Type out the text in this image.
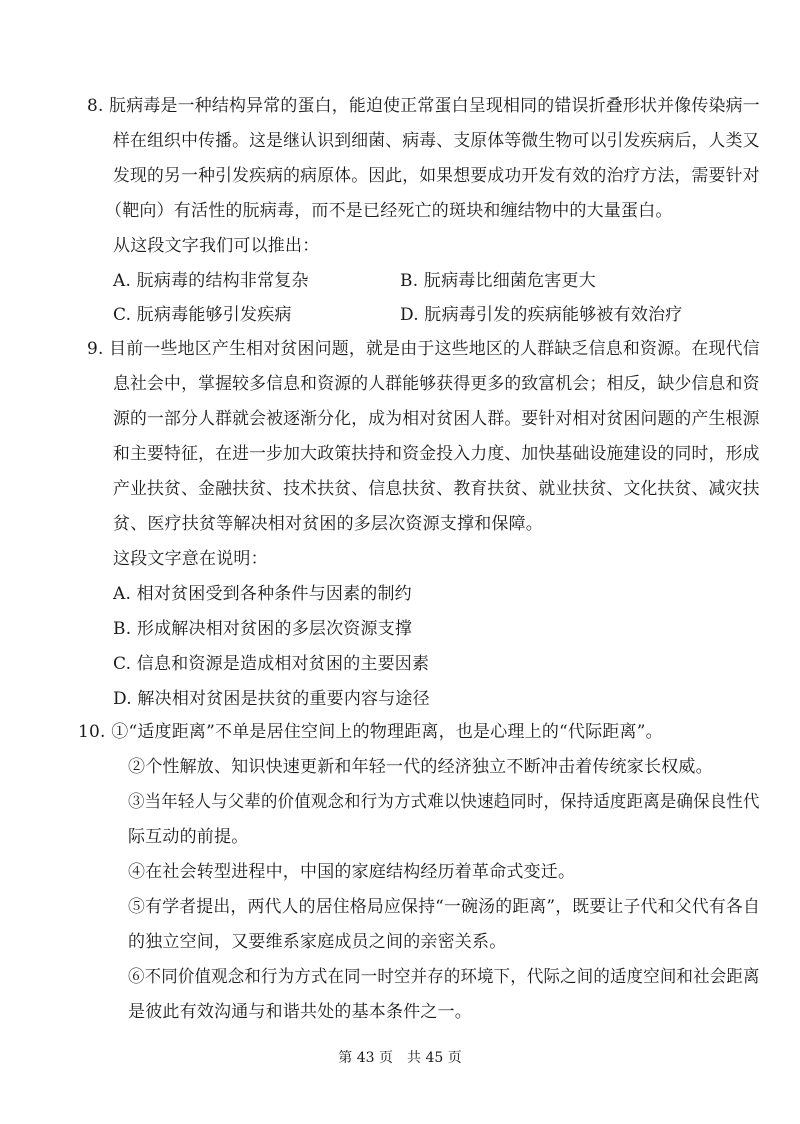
8. 朊病毒是一种结构异常的蛋白，能迫使正常蛋白呈现相同的错误折叠形状并像传染病一
样在组织中传播。这是继认识到细菌、病毒、支原体等微生物可以引发疾病后，人类又
发现的另一种引发疾病的病原体。因此，如果想要成功开发有效的治疗方法，需要针对
（靶向）有活性的朊病毒，而不是已经死亡的斑块和缠结物中的大量蛋白。
从这段文字我们可以推出：
A. 朊病毒的结构非常复杂	B. 朊病毒比细菌危害更大
C. 朊病毒能够引发疾病	D. 朊病毒引发的疾病能够被有效治疗
9. 目前一些地区产生相对贫困问题，就是由于这些地区的人群缺乏信息和资源。在现代信
息社会中，掌握较多信息和资源的人群能够获得更多的致富机会；相反，缺少信息和资
源的一部分人群就会被逐渐分化，成为相对贫困人群。要针对相对贫困问题的产生根源
和主要特征，在进一步加大政策扶持和资金投入力度、加快基础设施建设的同时，形成
产业扶贫、金融扶贫、技术扶贫、信息扶贫、教育扶贫、就业扶贫、文化扶贫、减灾扶
贫、医疗扶贫等解决相对贫困的多层次资源支撑和保障。
这段文字意在说明：
A. 相对贫困受到各种条件与因素的制约
B. 形成解决相对贫困的多层次资源支撑
C. 信息和资源是造成相对贫困的主要因素
D. 解决相对贫困是扶贫的重要内容与途径
10. ①“适度距离”不单是居住空间上的物理距离，也是心理上的“代际距离”。
②个性解放、知识快速更新和年轻一代的经济独立不断冲击着传统家长权威。
③当年轻人与父辈的价值观念和行为方式难以快速趋同时，保持适度距离是确保良性代
际互动的前提。
④在社会转型进程中，中国的家庭结构经历着革命式变迁。
⑤有学者提出，两代人的居住格局应保持“一碗汤的距离”，既要让子代和父代有各自
的独立空间，又要维系家庭成员之间的亲密关系。
⑥不同价值观念和行为方式在同一时空并存的环境下，代际之间的适度空间和社会距离
是彼此有效沟通与和谐共处的基本条件之一。
第 43 页　共 45 页
